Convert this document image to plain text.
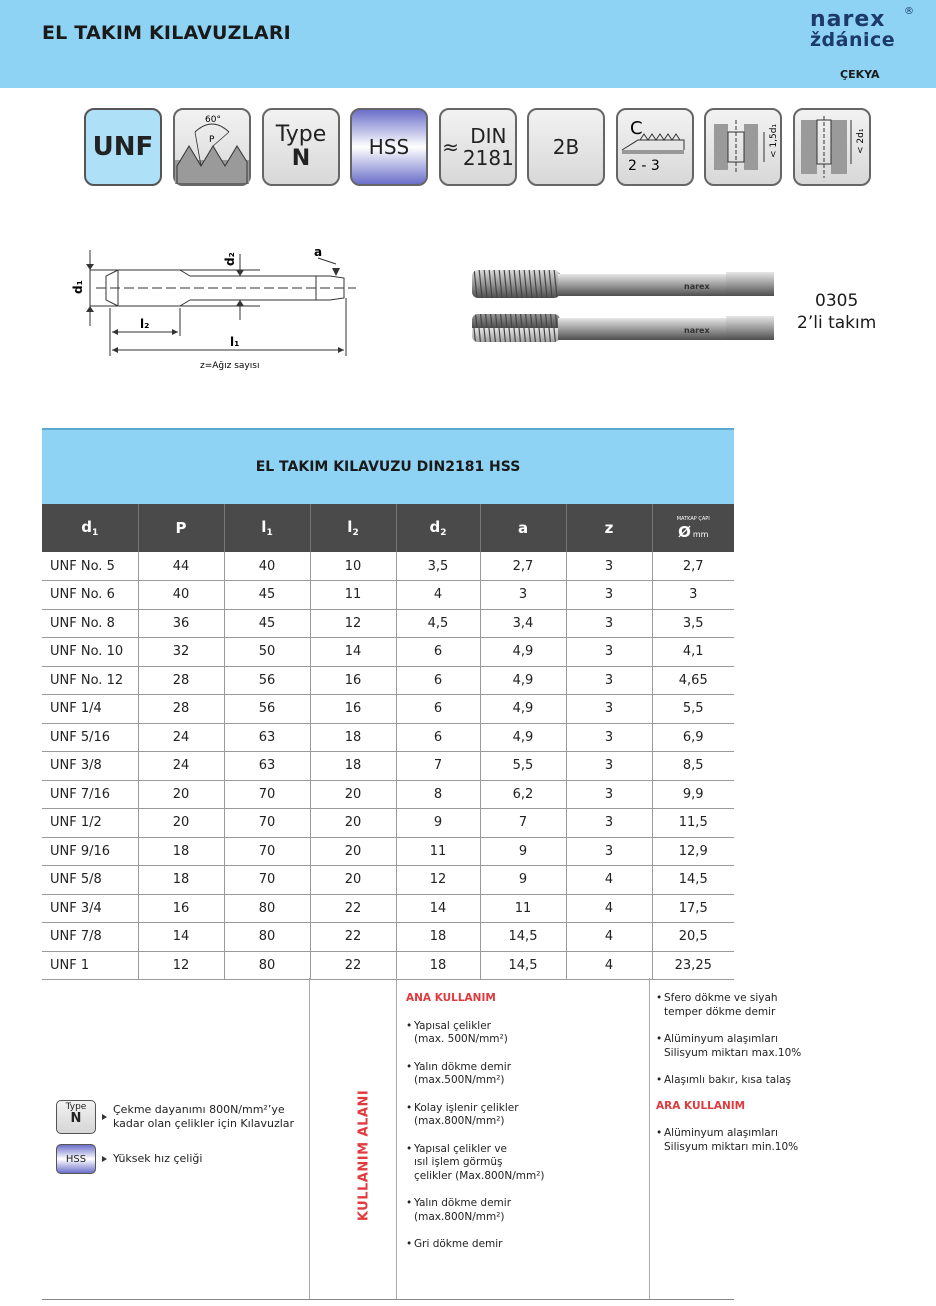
EL TAKIM KILAVUZLARI
narex
ždánice
®
ÇEKYA
UNF
60°
P	Type
N	HSS ≈ DIN
2181 2B
C
2 - 3
< 1,5d₁	< 2d₁
d₁
d₂
a
l₂
l₁
z=Ağız sayısı
narex
narex
0305
2’li takım
EL TAKIM KILAVUZU DIN2181 HSS
$d_1$	P	$l_1$	$l_2$	$d_2$	a	z	MATKAP ÇAPI
Ømm

UNF No. 5	44	40	10	3,5	2,7	3	2,7
UNF No. 6	40	45	11	4	3	3	3
UNF No. 8	36	45	12	4,5	3,4	3	3,5
UNF No. 10	32	50	14	6	4,9	3	4,1
UNF No. 12	28	56	16	6	4,9	3	4,65
UNF 1/4	28	56	16	6	4,9	3	5,5
UNF 5/16	24	63	18	6	4,9	3	6,9
UNF 3/8	24	63	18	7	5,5	3	8,5
UNF 7/16	20	70	20	8	6,2	3	9,9
UNF 1/2	20	70	20	9	7	3	11,5
UNF 9/16	18	70	20	11	9	3	12,9
UNF 5/8	18	70	20	12	9	4	14,5
UNF 3/4	16	80	22	14	11	4	17,5
UNF 7/8	14	80	22	18	14,5	4	20,5
UNF 1	12	80	22	18	14,5	4	23,25
Type
N
Çekme dayanımı 800N/mm²’ye
kadar olan çelikler için Kılavuzlar
HSS	Yüksek hız çeliği	KULLANIM ALANI
ANA KULLANIM
• Yapısal çelikler
(max. 500N/mm²)
• Yalın dökme demir
(max.500N/mm²)
• Kolay işlenir çelikler
(max.800N/mm²)
• Yapısal çelikler ve
ısıl işlem görmüş
çelikler (Max.800N/mm²)
• Yalın dökme demir
(max.800N/mm²)
• Gri dökme demir
• Sfero dökme ve siyah
temper dökme demir
• Alüminyum alaşımları
Silisyum miktarı max.10%
• Alaşımlı bakır, kısa talaş
ARA KULLANIM
• Alüminyum alaşımları
Silisyum miktarı min.10%
